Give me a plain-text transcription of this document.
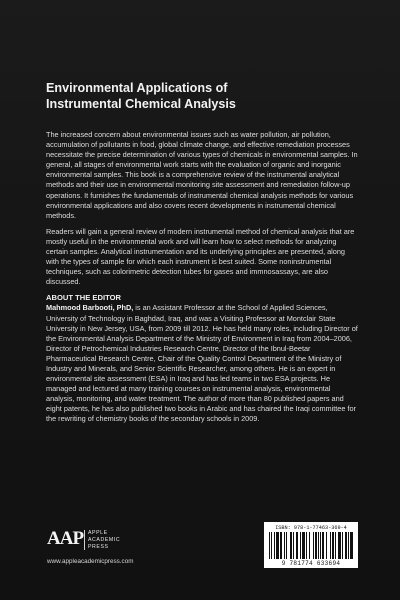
Environmental Applications of
Instrumental Chemical Analysis

The increased concern about environmental issues such as water pollution, air pollution, accumulation of pollutants in food, global climate change, and effective remediation processes necessitate the precise determination of various types of chemicals in environmental samples. In general, all stages of environmental work starts with the evaluation of organic and inorganic environmental samples. This book is a comprehensive review of the instrumental analytical methods and their use in environmental monitoring site assessment and remediation follow-up operations. It furnishes the fundamentals of instrumental chemical analysis methods for various environmental applications and also covers recent developments in instrumental chemical methods.

Readers will gain a general review of modern instrumental method of chemical analysis that are mostly useful in the environmental work and will learn how to select methods for analyzing certain samples. Analytical instrumentation and its underlying principles are presented, along with the types of sample for which each instrument is best suited. Some noninstrumental techniques, such as colorimetric detection tubes for gases and immnosassays, are also discussed.

ABOUT THE EDITOR

Mahmood Barbooti, PhD, is an Assistant Professor at the School of Applied Sciences, University of Technology in Baghdad, Iraq, and was a Visiting Professor at Montclair State University in New Jersey, USA, from 2009 till 2012. He has held many roles, including Director of the Environmental Analysis Department of the Ministry of Environment in Iraq from 2004–2006, Director of Petrochemical Industries Research Centre, Director of the Ibnul-Beetar Pharmaceutical Research Centre, Chair of the Quality Control Department of the Ministry of Industry and Minerals, and Senior Scientific Researcher, among others. He is an expert in environmental site assessment (ESA) in Iraq and has led teams in two ESA projects. He managed and lectured at many training courses on instrumental analysis, environmental analysis, monitoring, and water treatment. The author of more than 80 published papers and eight patents, he has also published two books in Arabic and has chaired the Iraqi committee for the rewriting of chemistry books of the secondary schools in 2009.

AAP APPLE
ACADEMIC
PRESS
www.appleacademicpress.com
ISBN: 978-1-77463-369-4
9 781774 633694
